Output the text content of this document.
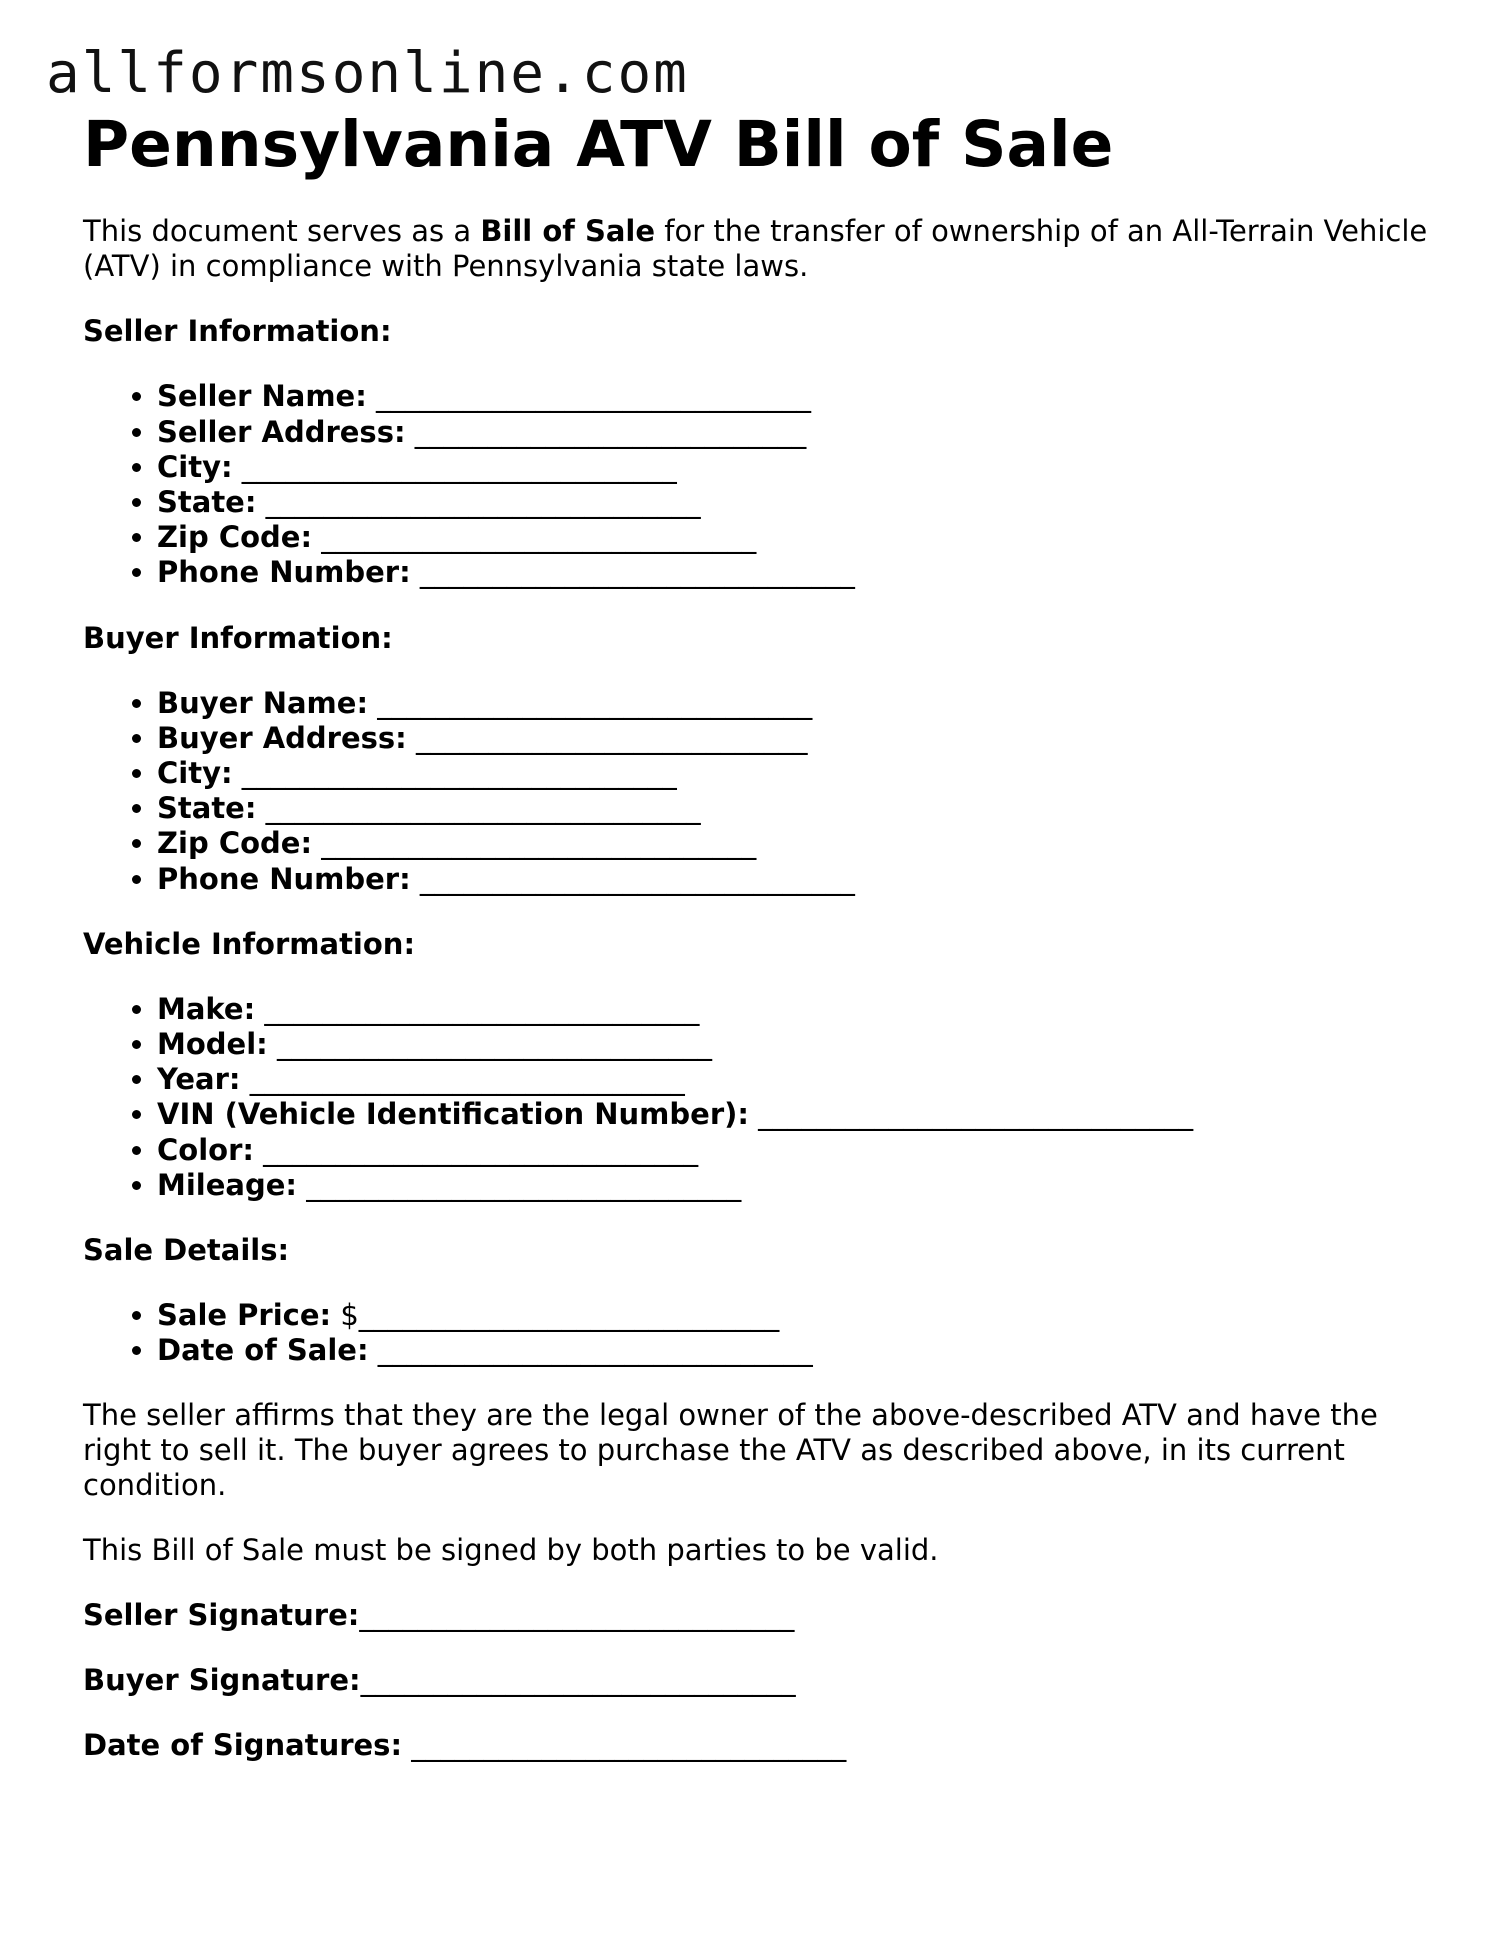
allformsonline.com
Pennsylvania ATV Bill of Sale

This document serves as a Bill of Sale for the transfer of ownership of an All-Terrain Vehicle (ATV) in compliance with Pennsylvania state laws.

Seller Information:
• Seller Name: ______________________________
• Seller Address: ___________________________
• City: ______________________________
• State: ______________________________
• Zip Code: ______________________________
• Phone Number: ______________________________
Buyer Information:
• Buyer Name: ______________________________
• Buyer Address: ___________________________
• City: ______________________________
• State: ______________________________
• Zip Code: ______________________________
• Phone Number: ______________________________
Vehicle Information:
• Make: ______________________________
• Model: ______________________________
• Year: ______________________________
• VIN (Vehicle Identification Number): ______________________________
• Color: ______________________________
• Mileage: ______________________________
Sale Details:
• Sale Price: $_____________________________
• Date of Sale: ______________________________

The seller affirms that they are the legal owner of the above-described ATV and have the right to sell it. The buyer agrees to purchase the ATV as described above, in its current condition.

This Bill of Sale must be signed by both parties to be valid.

Seller Signature:______________________________
Buyer Signature:______________________________
Date of Signatures: ______________________________
